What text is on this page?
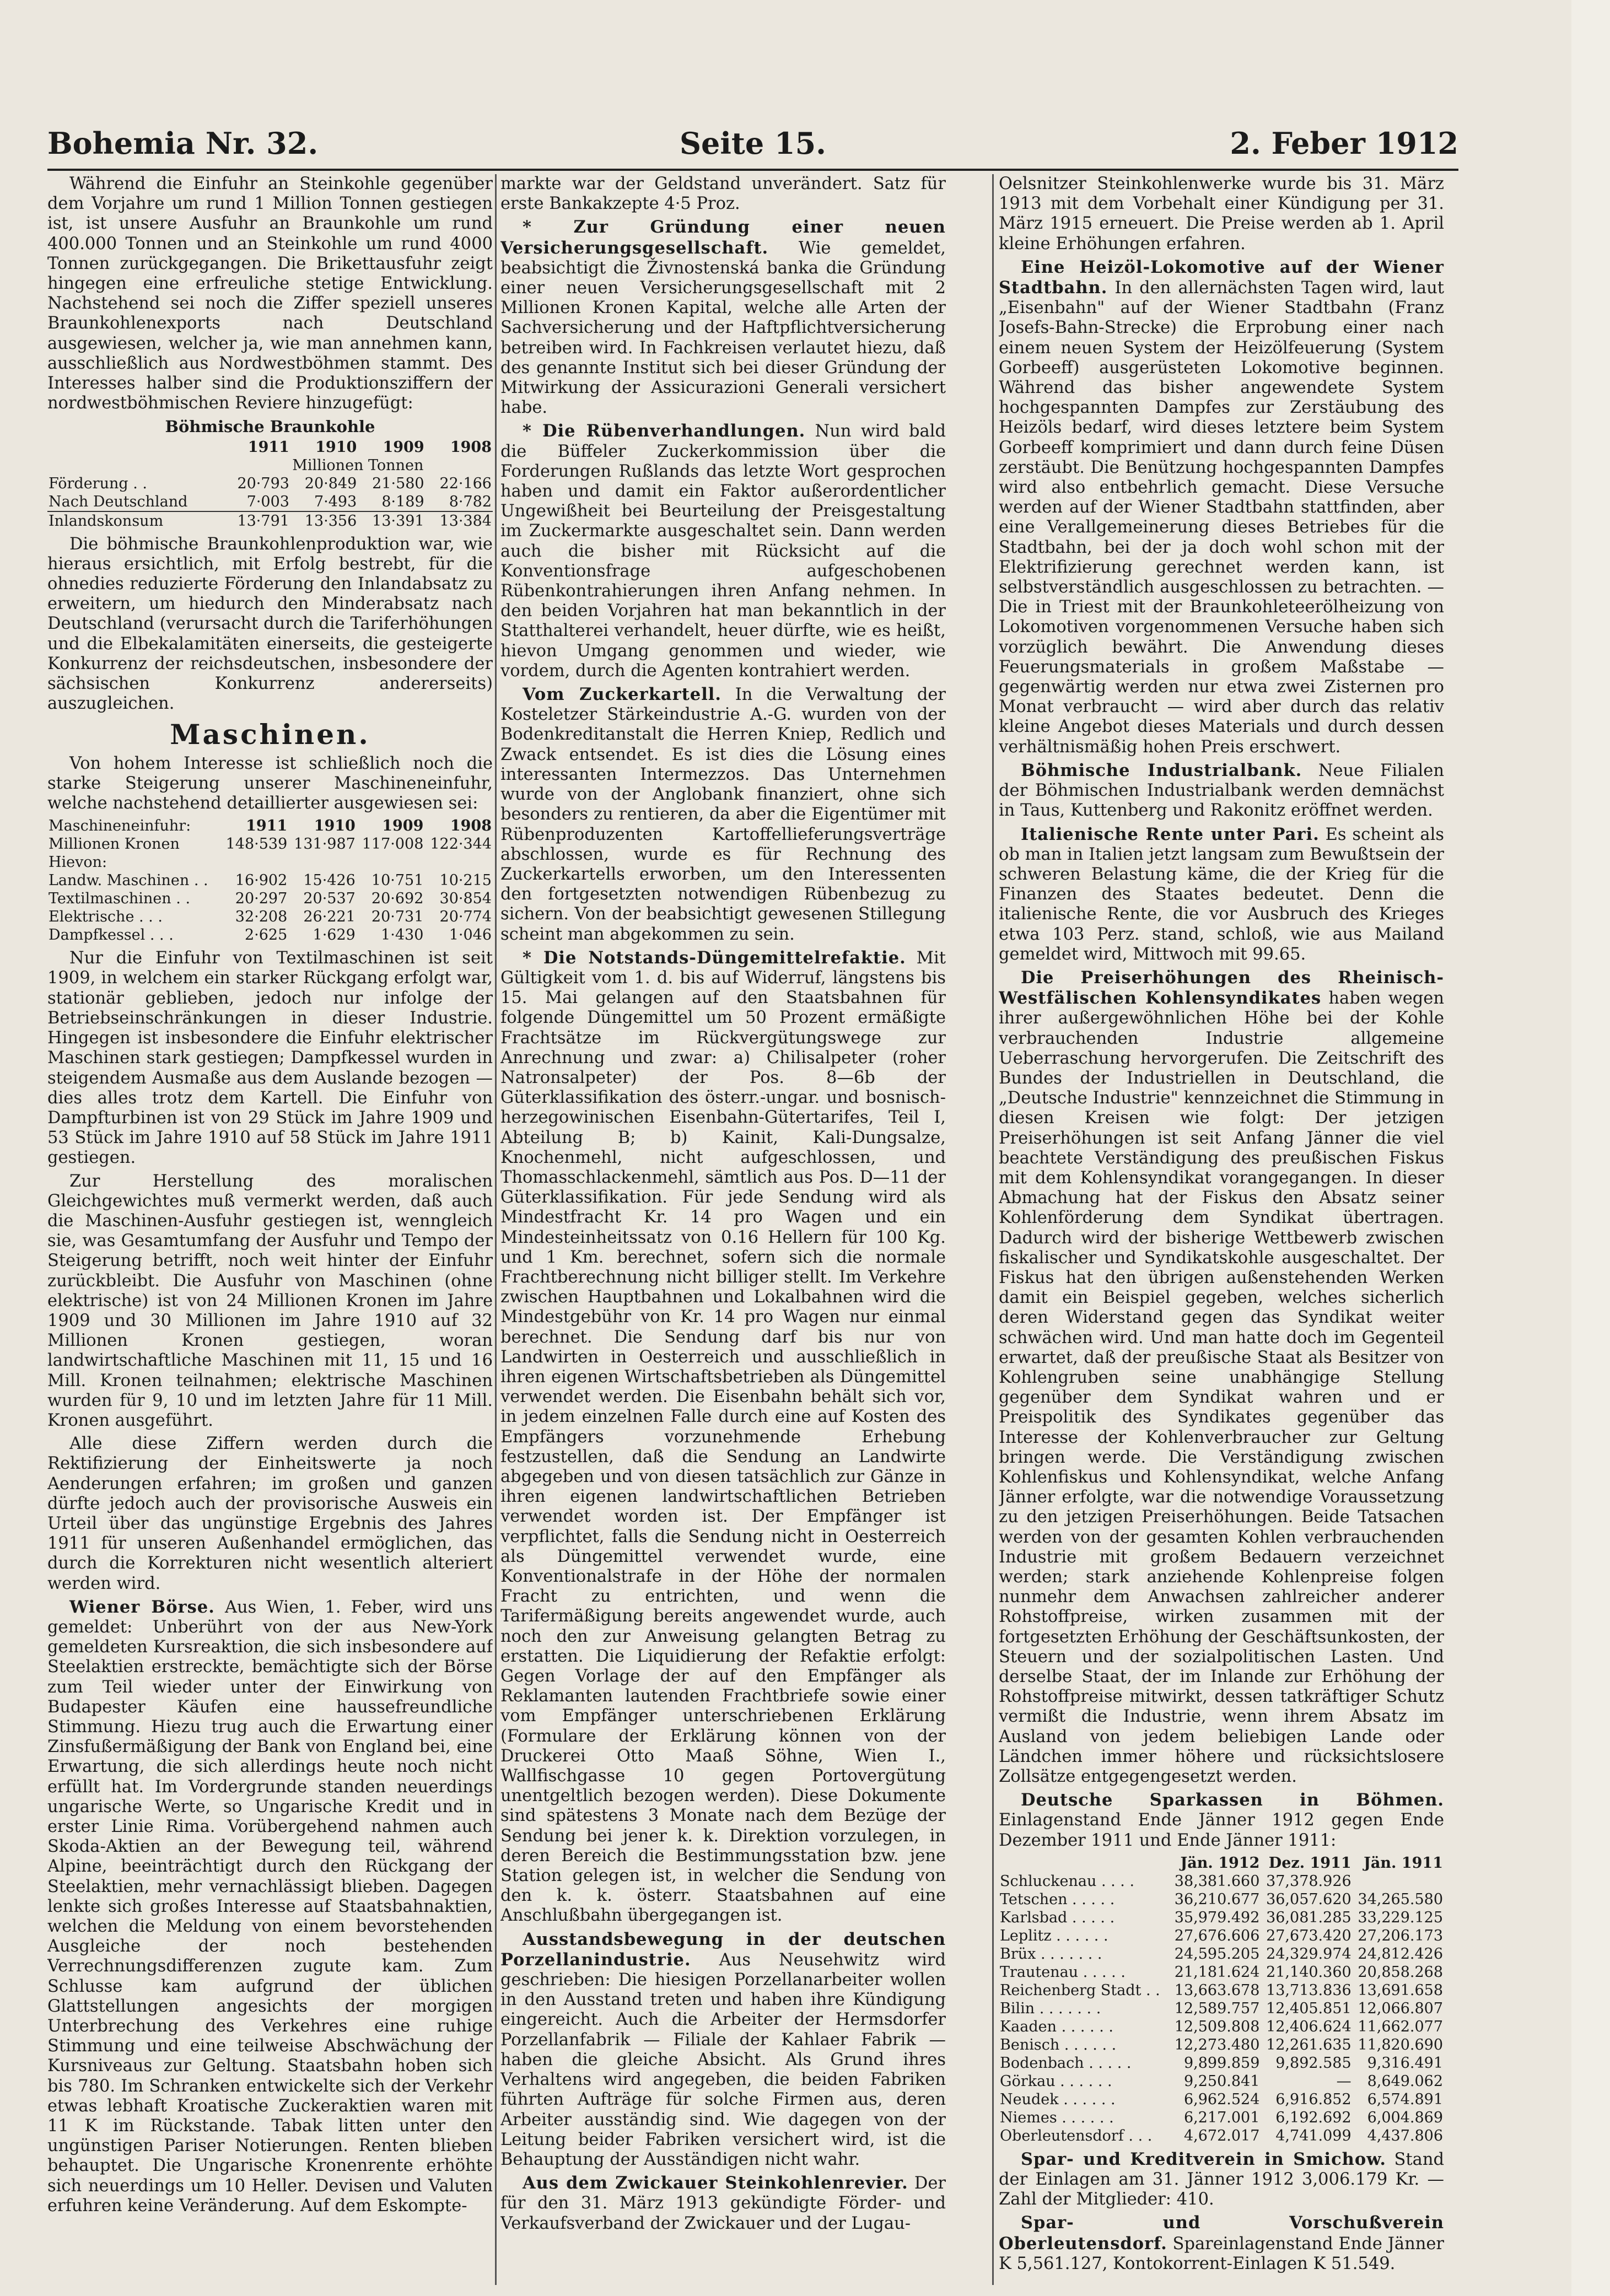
Bohemia Nr. 32.	Seite 15.	2. Feber 1912

Während die Einfuhr an Steinkohle gegenüber dem Vorjahre um rund 1 Million Tonnen gestiegen ist, ist unsere Ausfuhr an Braunkohle um rund 400.000 Tonnen und an Steinkohle um rund 4000 Tonnen zurückgegangen. Die Brikettausfuhr zeigt hingegen eine erfreuliche stetige Entwicklung. Nachstehend sei noch die Ziffer speziell unseres Braunkohlenexports nach Deutschland ausgewiesen, welcher ja, wie man annehmen kann, ausschließlich aus Nordwestböhmen stammt. Des Interesses halber sind die Produktionsziffern der nordwestböhmischen Reviere hinzugefügt:

Böhmische Braunkohle

	1911	1910	1909	1908
	Millionen Tonnen			
Förderung . .	20·793	20·849	21·580	22·166
Nach Deutschland	7·003	7·493	8·189	8·782
Inlandskonsum	13·791	13·356	13·391	13·384

Die böhmische Braunkohlenproduktion war, wie hieraus ersichtlich, mit Erfolg bestrebt, für die ohnedies reduzierte Förderung den Inlandabsatz zu erweitern, um hiedurch den Minderabsatz nach Deutschland (verursacht durch die Tariferhöhungen und die Elbekalamitäten einerseits, die gesteigerte Konkurrenz der reichsdeutschen, insbesondere der sächsischen Konkurrenz andererseits) auszugleichen.

Maschinen.

Von hohem Interesse ist schließlich noch die starke Steigerung unserer Maschineneinfuhr, welche nachstehend detaillierter ausgewiesen sei:

Maschineneinfuhr:	1911	1910	1909	1908
Millionen Kronen	148·539	131·987	117·008	122·344
Hievon:				
Landw. Maschinen . .	16·902	15·426	10·751	10·215
Textilmaschinen . .	20·297	20·537	20·692	30·854
Elektrische . . .	32·208	26·221	20·731	20·774
Dampfkessel . . .	2·625	1·629	1·430	1·046

Nur die Einfuhr von Textilmaschinen ist seit 1909, in welchem ein starker Rückgang erfolgt war, stationär geblieben, jedoch nur infolge der Betriebseinschränkungen in dieser Industrie. Hingegen ist insbesondere die Einfuhr elektrischer Maschinen stark gestiegen; Dampfkessel wurden in steigendem Ausmaße aus dem Auslande bezogen — dies alles trotz dem Kartell. Die Einfuhr von Dampfturbinen ist von 29 Stück im Jahre 1909 und 53 Stück im Jahre 1910 auf 58 Stück im Jahre 1911 gestiegen.

Zur Herstellung des moralischen Gleichgewichtes muß vermerkt werden, daß auch die Maschinen-Ausfuhr gestiegen ist, wenngleich sie, was Gesamtumfang der Ausfuhr und Tempo der Steigerung betrifft, noch weit hinter der Einfuhr zurückbleibt. Die Ausfuhr von Maschinen (ohne elektrische) ist von 24 Millionen Kronen im Jahre 1909 und 30 Millionen im Jahre 1910 auf 32 Millionen Kronen gestiegen, woran landwirtschaftliche Maschinen mit 11, 15 und 16 Mill. Kronen teilnahmen; elektrische Maschinen wurden für 9, 10 und im letzten Jahre für 11 Mill. Kronen ausgeführt.

Alle diese Ziffern werden durch die Rektifizierung der Einheitswerte ja noch Aenderungen erfahren; im großen und ganzen dürfte jedoch auch der provisorische Ausweis ein Urteil über das ungünstige Ergebnis des Jahres 1911 für unseren Außenhandel ermöglichen, das durch die Korrekturen nicht wesentlich alteriert werden wird.

Wiener Börse. Aus Wien, 1. Feber, wird uns gemeldet: Unberührt von der aus New-York gemeldeten Kursreaktion, die sich insbesondere auf Steelaktien erstreckte, bemächtigte sich der Börse zum Teil wieder unter der Einwirkung von Budapester Käufen eine haussefreundliche Stimmung. Hiezu trug auch die Erwartung einer Zinsfußermäßigung der Bank von England bei, eine Erwartung, die sich allerdings heute noch nicht erfüllt hat. Im Vordergrunde standen neuerdings ungarische Werte, so Ungarische Kredit und in erster Linie Rima. Vorübergehend nahmen auch Skoda-Aktien an der Bewegung teil, während Alpine, beeinträchtigt durch den Rückgang der Steelaktien, mehr vernachlässigt blieben. Dagegen lenkte sich großes Interesse auf Staatsbahnaktien, welchen die Meldung von einem bevorstehenden Ausgleiche der noch bestehenden Verrechnungsdifferenzen zugute kam. Zum Schlusse kam aufgrund der üblichen Glattstellungen angesichts der morgigen Unterbrechung des Verkehres eine ruhige Stimmung und eine teilweise Abschwächung der Kursniveaus zur Geltung. Staatsbahn hoben sich bis 780. Im Schranken entwickelte sich der Verkehr etwas lebhaft Kroatische Zuckeraktien waren mit 11 K im Rückstande. Tabak litten unter den ungünstigen Pariser Notierungen. Renten blieben behauptet. Die Ungarische Kronenrente erhöhte sich neuerdings um 10 Heller. Devisen und Valuten erfuhren keine Veränderung. Auf dem Eskompte-

markte war der Geldstand unverändert. Satz für erste Bankakzepte 4·5 Proz.

* Zur Gründung einer neuen Versicherungsgesellschaft. Wie gemeldet, beabsichtigt die Živnostenská banka die Gründung einer neuen Versicherungsgesellschaft mit 2 Millionen Kronen Kapital, welche alle Arten der Sachversicherung und der Haftpflichtversicherung betreiben wird. In Fachkreisen verlautet hiezu, daß des genannte Institut sich bei dieser Gründung der Mitwirkung der Assicurazioni Generali versichert habe.

* Die Rübenverhandlungen. Nun wird bald die Büffeler Zuckerkommission über die Forderungen Rußlands das letzte Wort gesprochen haben und damit ein Faktor außerordentlicher Ungewißheit bei Beurteilung der Preisgestaltung im Zuckermarkte ausgeschaltet sein. Dann werden auch die bisher mit Rücksicht auf die Konventionsfrage aufgeschobenen Rübenkontrahierungen ihren Anfang nehmen. In den beiden Vorjahren hat man bekanntlich in der Statthalterei verhandelt, heuer dürfte, wie es heißt, hievon Umgang genommen und wieder, wie vordem, durch die Agenten kontrahiert werden.

Vom Zuckerkartell. In die Verwaltung der Kosteletzer Stärkeindustrie A.-G. wurden von der Bodenkreditanstalt die Herren Kniep, Redlich und Zwack entsendet. Es ist dies die Lösung eines interessanten Intermezzos. Das Unternehmen wurde von der Anglobank finanziert, ohne sich besonders zu rentieren, da aber die Eigentümer mit Rübenproduzenten Kartoffellieferungsverträge abschlossen, wurde es für Rechnung des Zuckerkartells erworben, um den Interessenten den fortgesetzten notwendigen Rübenbezug zu sichern. Von der beabsichtigt gewesenen Stillegung scheint man abgekommen zu sein.

* Die Notstands-Düngemittelrefaktie. Mit Gültigkeit vom 1. d. bis auf Widerruf, längstens bis 15. Mai gelangen auf den Staatsbahnen für folgende Düngemittel um 50 Prozent ermäßigte Frachtsätze im Rückvergütungswege zur Anrechnung und zwar: a) Chilisalpeter (roher Natronsalpeter) der Pos. 8—6b der Güterklassifikation des österr.-ungar. und bosnisch-herzegowinischen Eisenbahn-Gütertarifes, Teil I, Abteilung B; b) Kainit, Kali-Dungsalze, Knochenmehl, nicht aufgeschlossen, und Thomasschlackenmehl, sämtlich aus Pos. D—11 der Güterklassifikation. Für jede Sendung wird als Mindestfracht Kr. 14 pro Wagen und ein Mindesteinheitssatz von 0.16 Hellern für 100 Kg. und 1 Km. berechnet, sofern sich die normale Frachtberechnung nicht billiger stellt. Im Verkehre zwischen Hauptbahnen und Lokalbahnen wird die Mindestgebühr von Kr. 14 pro Wagen nur einmal berechnet. Die Sendung darf bis nur von Landwirten in Oesterreich und ausschließlich in ihren eigenen Wirtschaftsbetrieben als Düngemittel verwendet werden. Die Eisenbahn behält sich vor, in jedem einzelnen Falle durch eine auf Kosten des Empfängers vorzunehmende Erhebung festzustellen, daß die Sendung an Landwirte abgegeben und von diesen tatsächlich zur Gänze in ihren eigenen landwirtschaftlichen Betrieben verwendet worden ist. Der Empfänger ist verpflichtet, falls die Sendung nicht in Oesterreich als Düngemittel verwendet wurde, eine Konventionalstrafe in der Höhe der normalen Fracht zu entrichten, und wenn die Tarifermäßigung bereits angewendet wurde, auch noch den zur Anweisung gelangten Betrag zu erstatten. Die Liquidierung der Refaktie erfolgt: Gegen Vorlage der auf den Empfänger als Reklamanten lautenden Frachtbriefe sowie einer vom Empfänger unterschriebenen Erklärung (Formulare der Erklärung können von der Druckerei Otto Maaß Söhne, Wien I., Wallfischgasse 10 gegen Portovergütung unentgeltlich bezogen werden). Diese Dokumente sind spätestens 3 Monate nach dem Bezüge der Sendung bei jener k. k. Direktion vorzulegen, in deren Bereich die Bestimmungsstation bzw. jene Station gelegen ist, in welcher die Sendung von den k. k. österr. Staatsbahnen auf eine Anschlußbahn übergegangen ist.

Ausstandsbewegung in der deutschen Porzellanindustrie. Aus Neusehwitz wird geschrieben: Die hiesigen Porzellanarbeiter wollen in den Ausstand treten und haben ihre Kündigung eingereicht. Auch die Arbeiter der Hermsdorfer Porzellanfabrik — Filiale der Kahlaer Fabrik — haben die gleiche Absicht. Als Grund ihres Verhaltens wird angegeben, die beiden Fabriken führten Aufträge für solche Firmen aus, deren Arbeiter ausständig sind. Wie dagegen von der Leitung beider Fabriken versichert wird, ist die Behauptung der Ausständigen nicht wahr.

Aus dem Zwickauer Steinkohlenrevier. Der für den 31. März 1913 gekündigte Förder- und Verkaufsverband der Zwickauer und der Lugau-

Oelsnitzer Steinkohlenwerke wurde bis 31. März 1913 mit dem Vorbehalt einer Kündigung per 31. März 1915 erneuert. Die Preise werden ab 1. April kleine Erhöhungen erfahren.

Eine Heizöl-Lokomotive auf der Wiener Stadtbahn. In den allernächsten Tagen wird, laut „Eisenbahn" auf der Wiener Stadtbahn (Franz Josefs-Bahn-Strecke) die Erprobung einer nach einem neuen System der Heizölfeuerung (System Gorbeeff) ausgerüsteten Lokomotive beginnen. Während das bisher angewendete System hochgespannten Dampfes zur Zerstäubung des Heizöls bedarf, wird dieses letztere beim System Gorbeeff komprimiert und dann durch feine Düsen zerstäubt. Die Benützung hochgespannten Dampfes wird also entbehrlich gemacht. Diese Versuche werden auf der Wiener Stadtbahn stattfinden, aber eine Verallgemeinerung dieses Betriebes für die Stadtbahn, bei der ja doch wohl schon mit der Elektrifizierung gerechnet werden kann, ist selbstverständlich ausgeschlossen zu betrachten. — Die in Triest mit der Braunkohleteerölheizung von Lokomotiven vorgenommenen Versuche haben sich vorzüglich bewährt. Die Anwendung dieses Feuerungsmaterials in großem Maßstabe — gegenwärtig werden nur etwa zwei Zisternen pro Monat verbraucht — wird aber durch das relativ kleine Angebot dieses Materials und durch dessen verhältnismäßig hohen Preis erschwert.

Böhmische Industrialbank. Neue Filialen der Böhmischen Industrialbank werden demnächst in Taus, Kuttenberg und Rakonitz eröffnet werden.

Italienische Rente unter Pari. Es scheint als ob man in Italien jetzt langsam zum Bewußtsein der schweren Belastung käme, die der Krieg für die Finanzen des Staates bedeutet. Denn die italienische Rente, die vor Ausbruch des Krieges etwa 103 Perz. stand, schloß, wie aus Mailand gemeldet wird, Mittwoch mit 99.65.

Die Preiserhöhungen des Rheinisch-Westfälischen Kohlensyndikates haben wegen ihrer außergewöhnlichen Höhe bei der Kohle verbrauchenden Industrie allgemeine Ueberraschung hervorgerufen. Die Zeitschrift des Bundes der Industriellen in Deutschland, die „Deutsche Industrie" kennzeichnet die Stimmung in diesen Kreisen wie folgt: Der jetzigen Preiserhöhungen ist seit Anfang Jänner die viel beachtete Verständigung des preußischen Fiskus mit dem Kohlensyndikat vorangegangen. In dieser Abmachung hat der Fiskus den Absatz seiner Kohlenförderung dem Syndikat übertragen. Dadurch wird der bisherige Wettbewerb zwischen fiskalischer und Syndikatskohle ausgeschaltet. Der Fiskus hat den übrigen außenstehenden Werken damit ein Beispiel gegeben, welches sicherlich deren Widerstand gegen das Syndikat weiter schwächen wird. Und man hatte doch im Gegenteil erwartet, daß der preußische Staat als Besitzer von Kohlengruben seine unabhängige Stellung gegenüber dem Syndikat wahren und er Preispolitik des Syndikates gegenüber das Interesse der Kohlenverbraucher zur Geltung bringen werde. Die Verständigung zwischen Kohlenfiskus und Kohlensyndikat, welche Anfang Jänner erfolgte, war die notwendige Voraussetzung zu den jetzigen Preiserhöhungen. Beide Tatsachen werden von der gesamten Kohlen verbrauchenden Industrie mit großem Bedauern verzeichnet werden; stark anziehende Kohlenpreise folgen nunmehr dem Anwachsen zahlreicher anderer Rohstoffpreise, wirken zusammen mit der fortgesetzten Erhöhung der Geschäftsunkosten, der Steuern und der sozialpolitischen Lasten. Und derselbe Staat, der im Inlande zur Erhöhung der Rohstoffpreise mitwirkt, dessen tatkräftiger Schutz vermißt die Industrie, wenn ihrem Absatz im Ausland von jedem beliebigen Lande oder Ländchen immer höhere und rücksichtslosere Zollsätze entgegengesetzt werden.

Deutsche Sparkassen in Böhmen. Einlagenstand Ende Jänner 1912 gegen Ende Dezember 1911 und Ende Jänner 1911:

	Jän. 1912	Dez. 1911	Jän. 1911
Schluckenau . . . .	38,381.660	37,378.926	
Tetschen . . . . .	36,210.677	36,057.620	34,265.580
Karlsbad . . . . .	35,979.492	36,081.285	33,229.125
Leplitz . . . . . .	27,676.606	27,673.420	27,206.173
Brüx . . . . . . .	24,595.205	24,329.974	24,812.426
Trautenau . . . . .	21,181.624	21,140.360	20,858.268
Reichenberg Stadt . .	13,663.678	13,713.836	13,691.658
Bilin . . . . . . .	12,589.757	12,405.851	12,066.807
Kaaden . . . . . .	12,509.808	12,406.624	11,662.077
Benisch . . . . . .	12,273.480	12,261.635	11,820.690
Bodenbach . . . . .	9,899.859	9,892.585	9,316.491
Görkau . . . . . .	9,250.841	—	8,649.062
Neudek . . . . . .	6,962.524	6,916.852	6,574.891
Niemes . . . . . .	6,217.001	6,192.692	6,004.869
Oberleutensdorf . . .	4,672.017	4,741.099	4,437.806

Spar- und Kreditverein in Smichow. Stand der Einlagen am 31. Jänner 1912 3,006.179 Kr. — Zahl der Mitglieder: 410.

Spar- und Vorschußverein Oberleutensdorf. Spareinlagenstand Ende Jänner K 5,561.127, Kontokorrent-Einlagen K 51.549.
